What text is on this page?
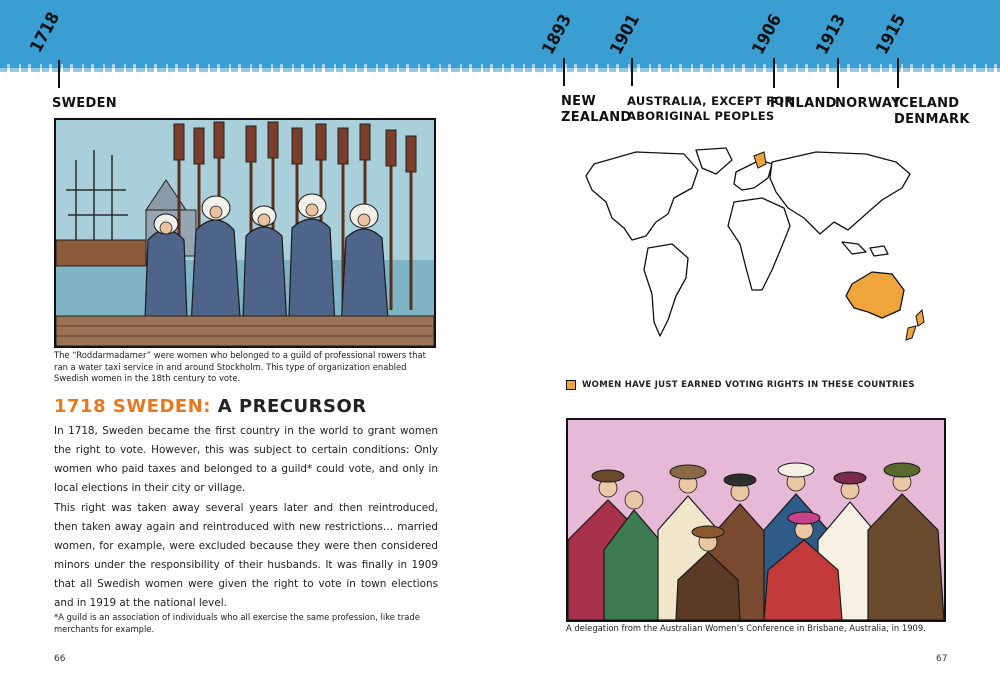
1718
SWEDEN
1893
NEW
ZEALAND
1901
AUSTRALIA, EXCEPT FOR
ABORIGINAL PEOPLES
1906
FINLAND
1913
NORWAY
1915
ICELAND
DENMARK
The “Roddarmadamer” were women who belonged to a guild of professional rowers that ran a water taxi service in and around Stockholm. This type of organization enabled Swedish women in the 18th century to vote.
1718 SWEDEN: A PRECURSOR
In 1718, Sweden became the first country in the world to grant women the right to vote. However, this was subject to certain conditions: Only women who paid taxes and belonged to a guild* could vote, and only in local elections in their city or village.
This right was taken away several years later and then reintroduced, then taken away again and reintroduced with new restrictions… married women, for example, were excluded because they were then considered minors under the responsibility of their husbands. It was finally in 1909 that all Swedish women were given the right to vote in town elections and in 1919 at the national level.
*A guild is an association of individuals who all exercise the same profession, like trade merchants for example.
66
WOMEN HAVE JUST EARNED VOTING RIGHTS IN THESE COUNTRIES
A delegation from the Australian Women’s Conference in Brisbane, Australia, in 1909.
67
